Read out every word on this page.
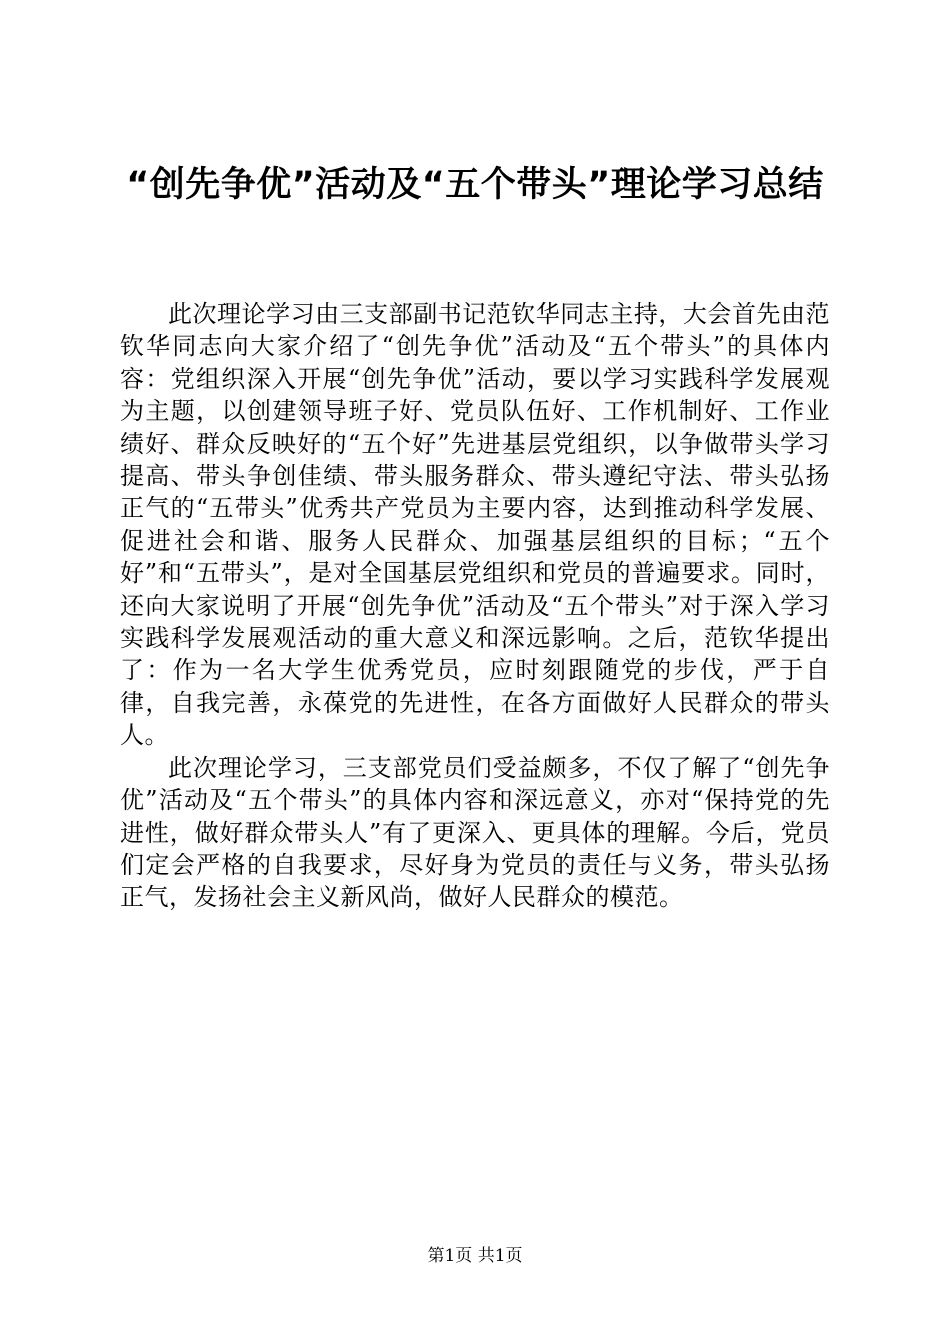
“创先争优”活动及“五个带头”理论学习总结

此次理论学习由三支部副书记范钦华同志主持，大会首先由范钦华同志向大家介绍了“创先争优”活动及“五个带头”的具体内容：党组织深入开展“创先争优”活动，要以学习实践科学发展观为主题，以创建领导班子好、党员队伍好、工作机制好、工作业绩好、群众反映好的“五个好”先进基层党组织，以争做带头学习提高、带头争创佳绩、带头服务群众、带头遵纪守法、带头弘扬正气的“五带头”优秀共产党员为主要内容，达到推动科学发展、促进社会和谐、服务人民群众、加强基层组织的目标；“五个好”和“五带头”，是对全国基层党组织和党员的普遍要求。同时，还向大家说明了开展“创先争优”活动及“五个带头”对于深入学习实践科学发展观活动的重大意义和深远影响。之后，范钦华提出了：作为一名大学生优秀党员，应时刻跟随党的步伐，严于自律，自我完善，永葆党的先进性，在各方面做好人民群众的带头人。

此次理论学习，三支部党员们受益颇多，不仅了解了“创先争优”活动及“五个带头”的具体内容和深远意义，亦对“保持党的先进性，做好群众带头人”有了更深入、更具体的理解。今后，党员们定会严格的自我要求，尽好身为党员的责任与义务，带头弘扬正气，发扬社会主义新风尚，做好人民群众的模范。

第1页 共1页
